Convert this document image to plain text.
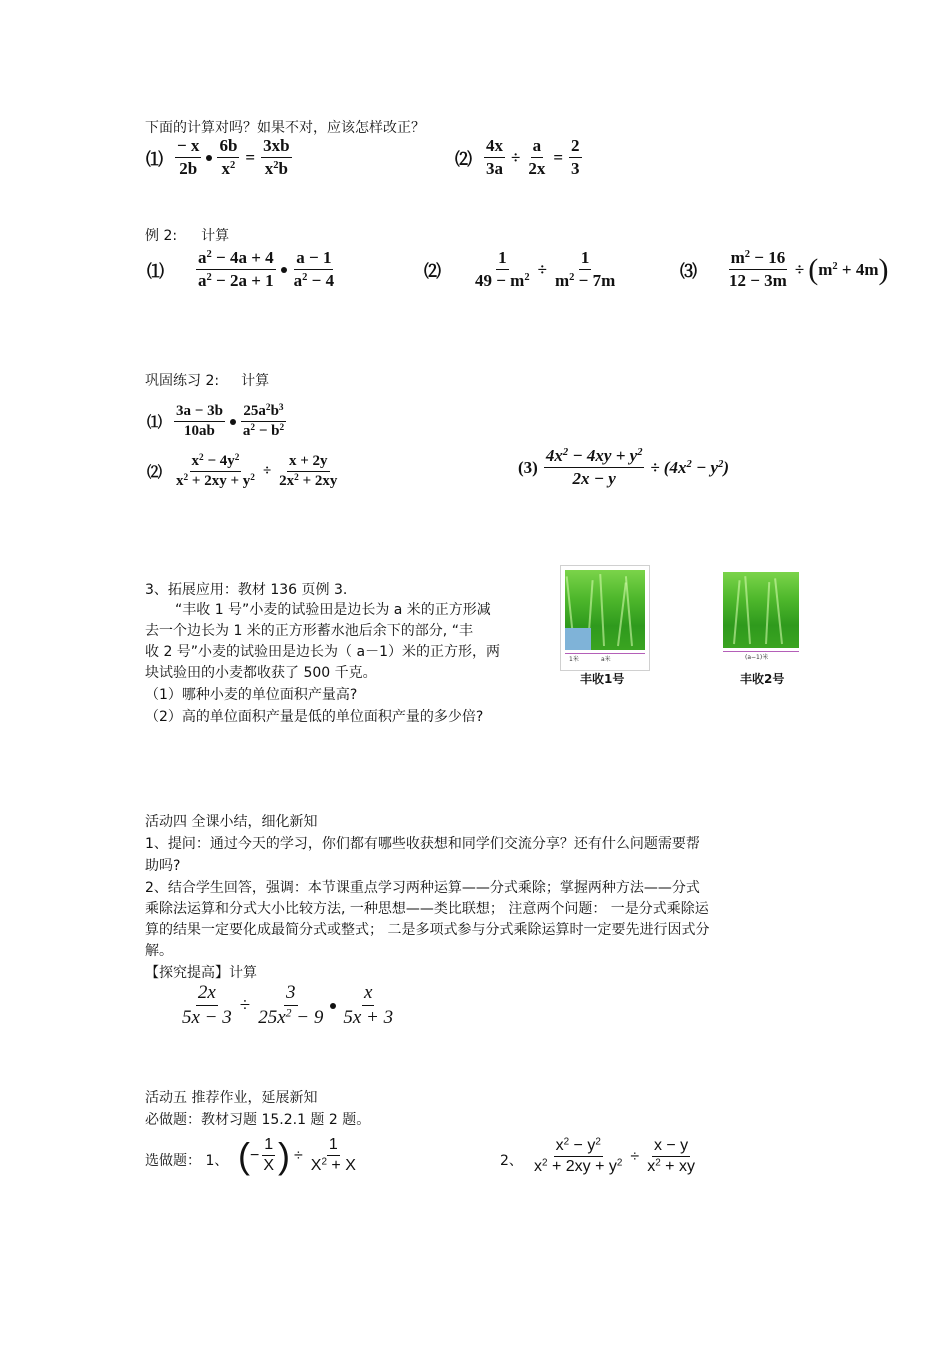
下面的计算对吗？如果不对，应该怎样改正？
⑴
− x
$2b \frac{6b}{x^2} = \frac{3xb}{x^2b}$	⑵ $\frac{4x}{3a} \div \frac{a}{2x} = \frac{2}{3}$
例 2: 计算
⑴
$a^2 - 4a + 4$
$a^2 - 2a + 1$
a − 1
$a^2 - 4$	⑵ $\frac{1}{49 - m^2} \div \frac{1}{m^2 - 7m}$	⑶ $\frac{m^2 - 16}{12 - 3m}$ ÷ ( $m^2 + 4m$ )
巩固练习 2: 计算
⑴
3a − 3b
10ab
$25a^2b^3$
$a^2 - b^2$
⑵ $\frac{x^2 - 4y^2}{x^2 + 2xy + y^2} \div \frac{x + 2y}{2x^2 + 2xy}$	$(3) \frac{4x^2 - 4xy + y^2}{2x - y} \div (4x^2 - y^2)$
3、拓展应用：教材 136 页例 3.
“丰收 1 号”小麦的试验田是边长为 a 米的正方形减
去一个边长为 1 米的正方形蓄水池后余下的部分, “丰
收 2 号”小麦的试验田是边长为（ a－1）米的正方形，两
块试验田的小麦都收获了 500 千克。
（1）哪种小麦的单位面积产量高?
（2）高的单位面积产量是低的单位面积产量的多少倍?
1米	a米
丰收1号
(a−1)米
丰收2号
活动四 全课小结，细化新知
1、提问：通过今天的学习，你们都有哪些收获想和同学们交流分享？还有什么问题需要帮
助吗?
2、结合学生回答，强调：本节课重点学习两种运算——分式乘除；掌握两种方法——分式
乘除法运算和分式大小比较方法, 一种思想——类比联想； 注意两个问题： 一是分式乘除运
算的结果一定要化成最简分式或整式； 二是多项式参与分式乘除运算时一定要先进行因式分
解。
【探究提高】计算
$\frac{2x}{5x - 3} \div \frac{3}{25x^2 - 9}$ x
5x + 3
活动五 推荐作业，延展新知
必做题：教材习题 15.2.1 题 2 题。
选做题： 1、 ( − $\frac{1}{X}$ ) ÷ $\frac{1}{X^2 + X}$	2、 $\frac{x^2 - y^2}{x^2 + 2xy + y^2} \div \frac{x - y}{x^2 + xy}$
